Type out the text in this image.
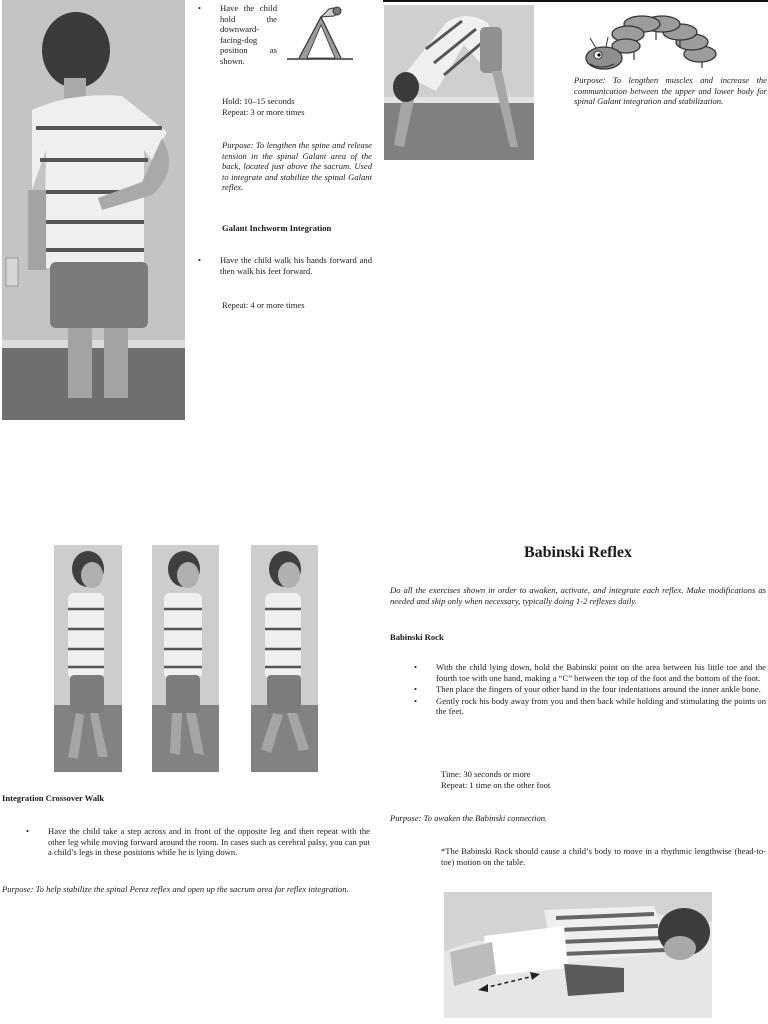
•	Have the child hold the downward-facing-dog position as shown.
Hold: 10–15 seconds
Repeat: 3 or more times
Purpose: To lengthen the spine and release tension in the spinal Galant area of the back, located just above the sacrum. Used to integrate and stabilize the spinal Galant reflex.
Galant Inchworm Integration
•	Have the child walk his hands forward and then walk his feet forward.
Repeat: 4 or more times
Purpose: To lengthen muscles and increase the communication between the upper and lower body for spinal Galant integration and stabilization.
Integration Crossover Walk
•	Have the child take a step across and in front of the opposite leg and then repeat with the other leg while moving forward around the room. In cases such as cerebral palsy, you can put a child’s legs in these positions while he is lying down.
Purpose: To help stabilize the spinal Perez reflex and open up the sacrum area for reflex integration.
Babinski Reflex
Do all the exercises shown in order to awaken, activate, and integrate each reflex. Make modifications as needed and skip only when necessary, typically doing 1-2 reflexes daily.
Babinski Rock
•	With the child lying down, hold the Babinski point on the area between his little toe and the fourth toe with one hand, making a “C” between the top of the foot and the bottom of the foot.
•	Then place the fingers of your other hand in the four indentations around the inner ankle bone.
•	Gently rock his body away from you and then back while holding and stimulating the points on the feet.
Time: 30 seconds or more
Repeat: 1 time on the other foot
Purpose: To awaken the Babinski connection.
*The Babinski Rock should cause a child’s body to move in a rhythmic lengthwise (head-to-toe) motion on the table.
